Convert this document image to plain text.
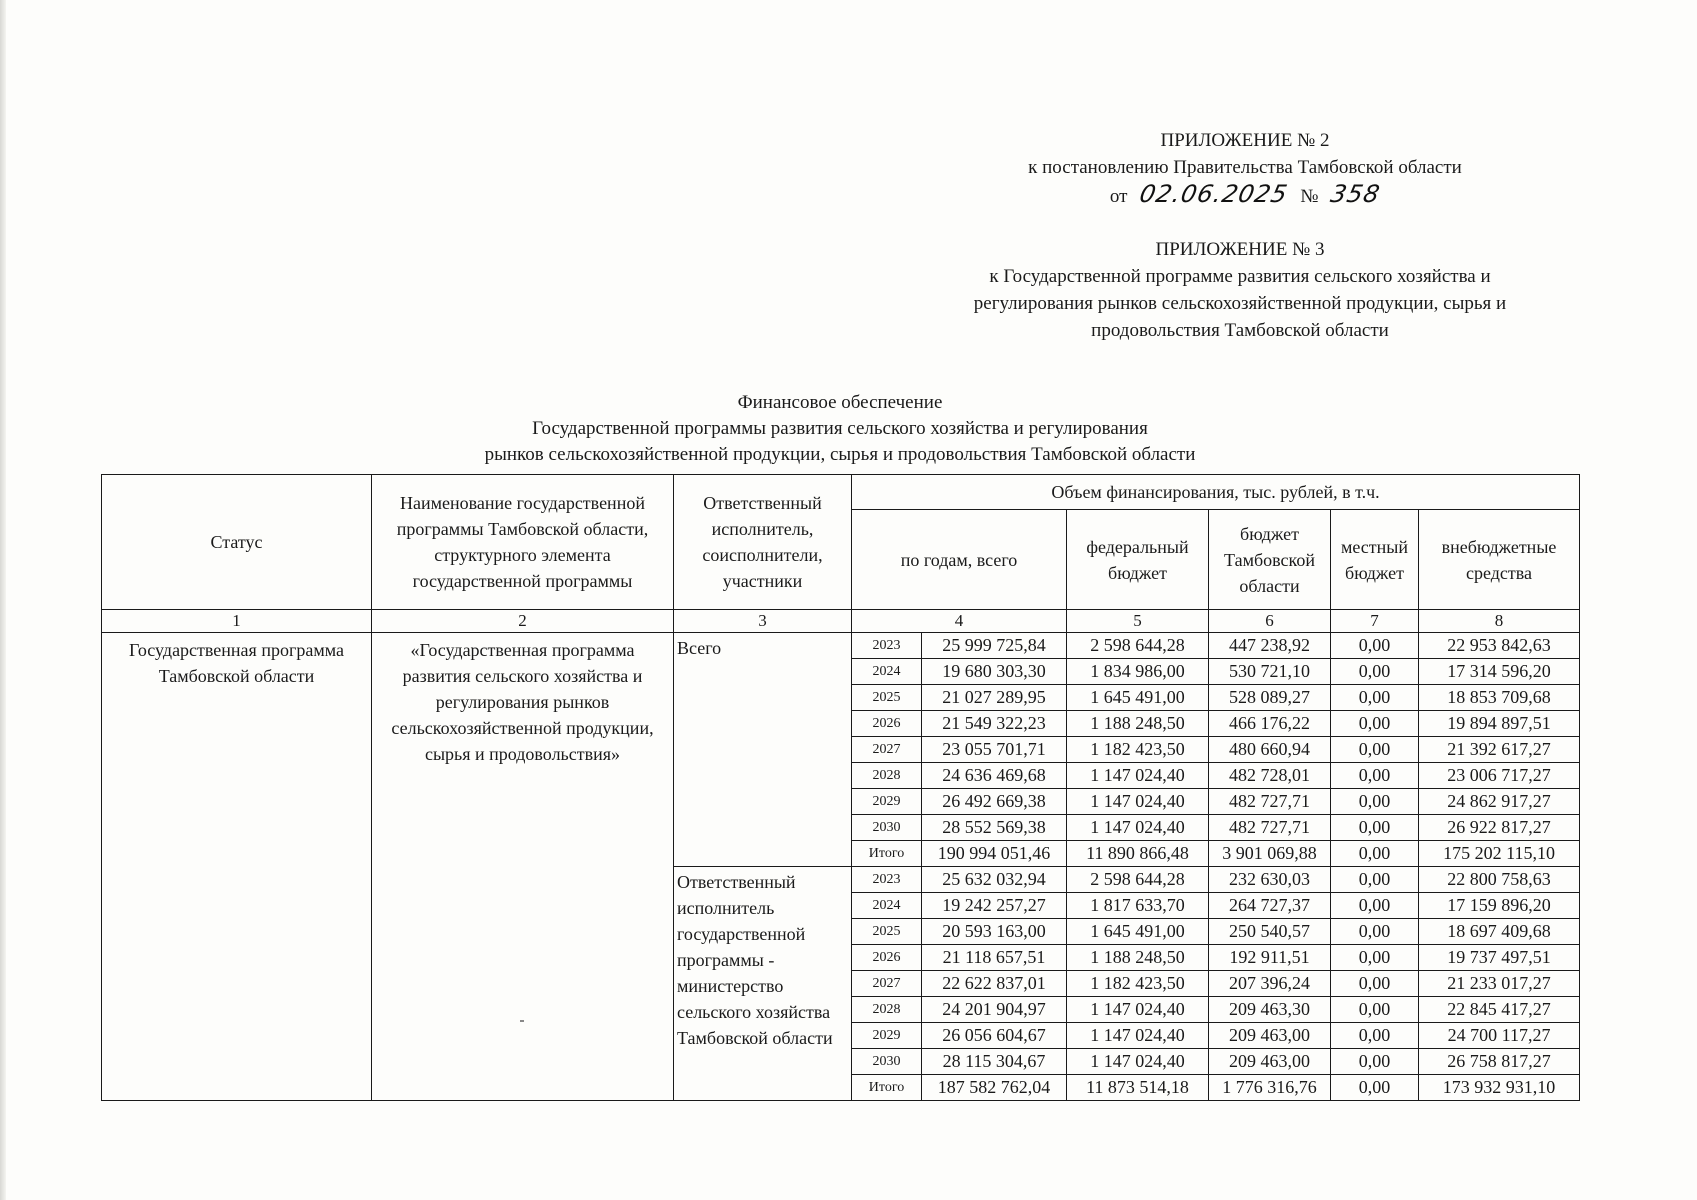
ПРИЛОЖЕНИЕ № 2
к постановлению Правительства Тамбовской области
от 02.06.2025 № 358
ПРИЛОЖЕНИЕ № 3
к Государственной программе развития сельского хозяйства и
регулирования рынков сельскохозяйственной продукции, сырья и
продовольствия Тамбовской области
Финансовое обеспечение
Государственной программы развития сельского хозяйства и регулирования
рынков сельскохозяйственной продукции, сырья и продовольствия Тамбовской области
Статус	Наименование государственной программы Тамбовской области, структурного элемента государственной программы	Ответственный исполнитель, соисполнители, участники	Объем финансирования, тыс. рублей, в т.ч.					
			по годам, всего		федеральный бюджет	бюджет Тамбовской области	местный бюджет	внебюджетные средства
1	2	3	4		5	6	7	8
Государственная программа Тамбовской области	«Государственная программа развития сельского хозяйства и регулирования рынков сельскохозяйственной продукции, сырья и продовольствия»	Всего	2023	25 999 725,84	2 598 644,28	447 238,92	0,00	22 953 842,63
			2024	19 680 303,30	1 834 986,00	530 721,10	0,00	17 314 596,20
			2025	21 027 289,95	1 645 491,00	528 089,27	0,00	18 853 709,68
			2026	21 549 322,23	1 188 248,50	466 176,22	0,00	19 894 897,51
			2027	23 055 701,71	1 182 423,50	480 660,94	0,00	21 392 617,27
			2028	24 636 469,68	1 147 024,40	482 728,01	0,00	23 006 717,27
			2029	26 492 669,38	1 147 024,40	482 727,71	0,00	24 862 917,27
			2030	28 552 569,38	1 147 024,40	482 727,71	0,00	26 922 817,27
			Итого	190 994 051,46	11 890 866,48	3 901 069,88	0,00	175 202 115,10
		Ответственный исполнитель государственной программы - министерство сельского хозяйства Тамбовской области	2023	25 632 032,94	2 598 644,28	232 630,03	0,00	22 800 758,63
			2024	19 242 257,27	1 817 633,70	264 727,37	0,00	17 159 896,20
			2025	20 593 163,00	1 645 491,00	250 540,57	0,00	18 697 409,68
			2026	21 118 657,51	1 188 248,50	192 911,51	0,00	19 737 497,51
			2027	22 622 837,01	1 182 423,50	207 396,24	0,00	21 233 017,27
			2028	24 201 904,97	1 147 024,40	209 463,30	0,00	22 845 417,27
			2029	26 056 604,67	1 147 024,40	209 463,00	0,00	24 700 117,27
			2030	28 115 304,67	1 147 024,40	209 463,00	0,00	26 758 817,27
			Итого	187 582 762,04	11 873 514,18	1 776 316,76	0,00	173 932 931,10
